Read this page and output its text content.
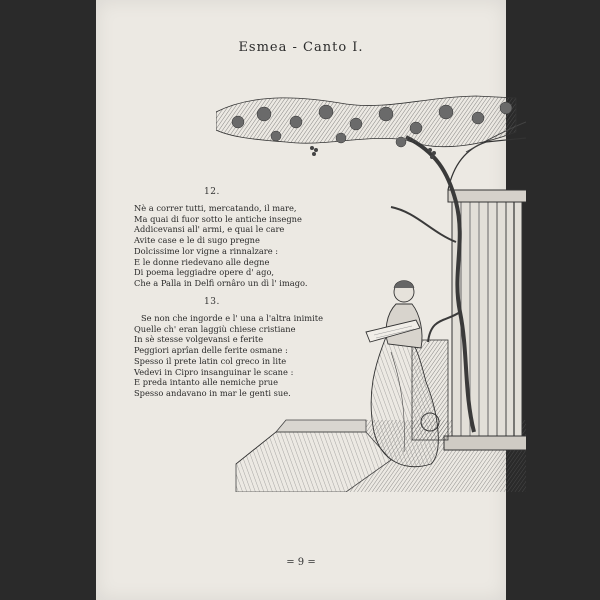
Esmea - Canto I.
12.
Nè a correr tutti, mercatando, il mare,
Ma quai di fuor sotto le antiche insegne
Addicevansi all' armi, e quai le care
Avite case e le di sugo pregne
Dolcissime lor vigne a rinnalzare :
E le donne riedevano alle degne
Di poema leggiadre opere d' ago,
Che a Palla in Delfi ornâro un dì l' imago.
13.
Se non che ingorde e l' una a l'altra inimite
Quelle ch' eran laggiù chiese cristiane
In sè stesse volgevansi e ferite
Peggiori aprîan delle ferite osmane :
Spesso il prete latin col greco in lite
Vedevi in Cipro insanguinar le scane :
E preda intanto alle nemiche prue
Spesso andavano in mar le genti sue.
= 9 =
